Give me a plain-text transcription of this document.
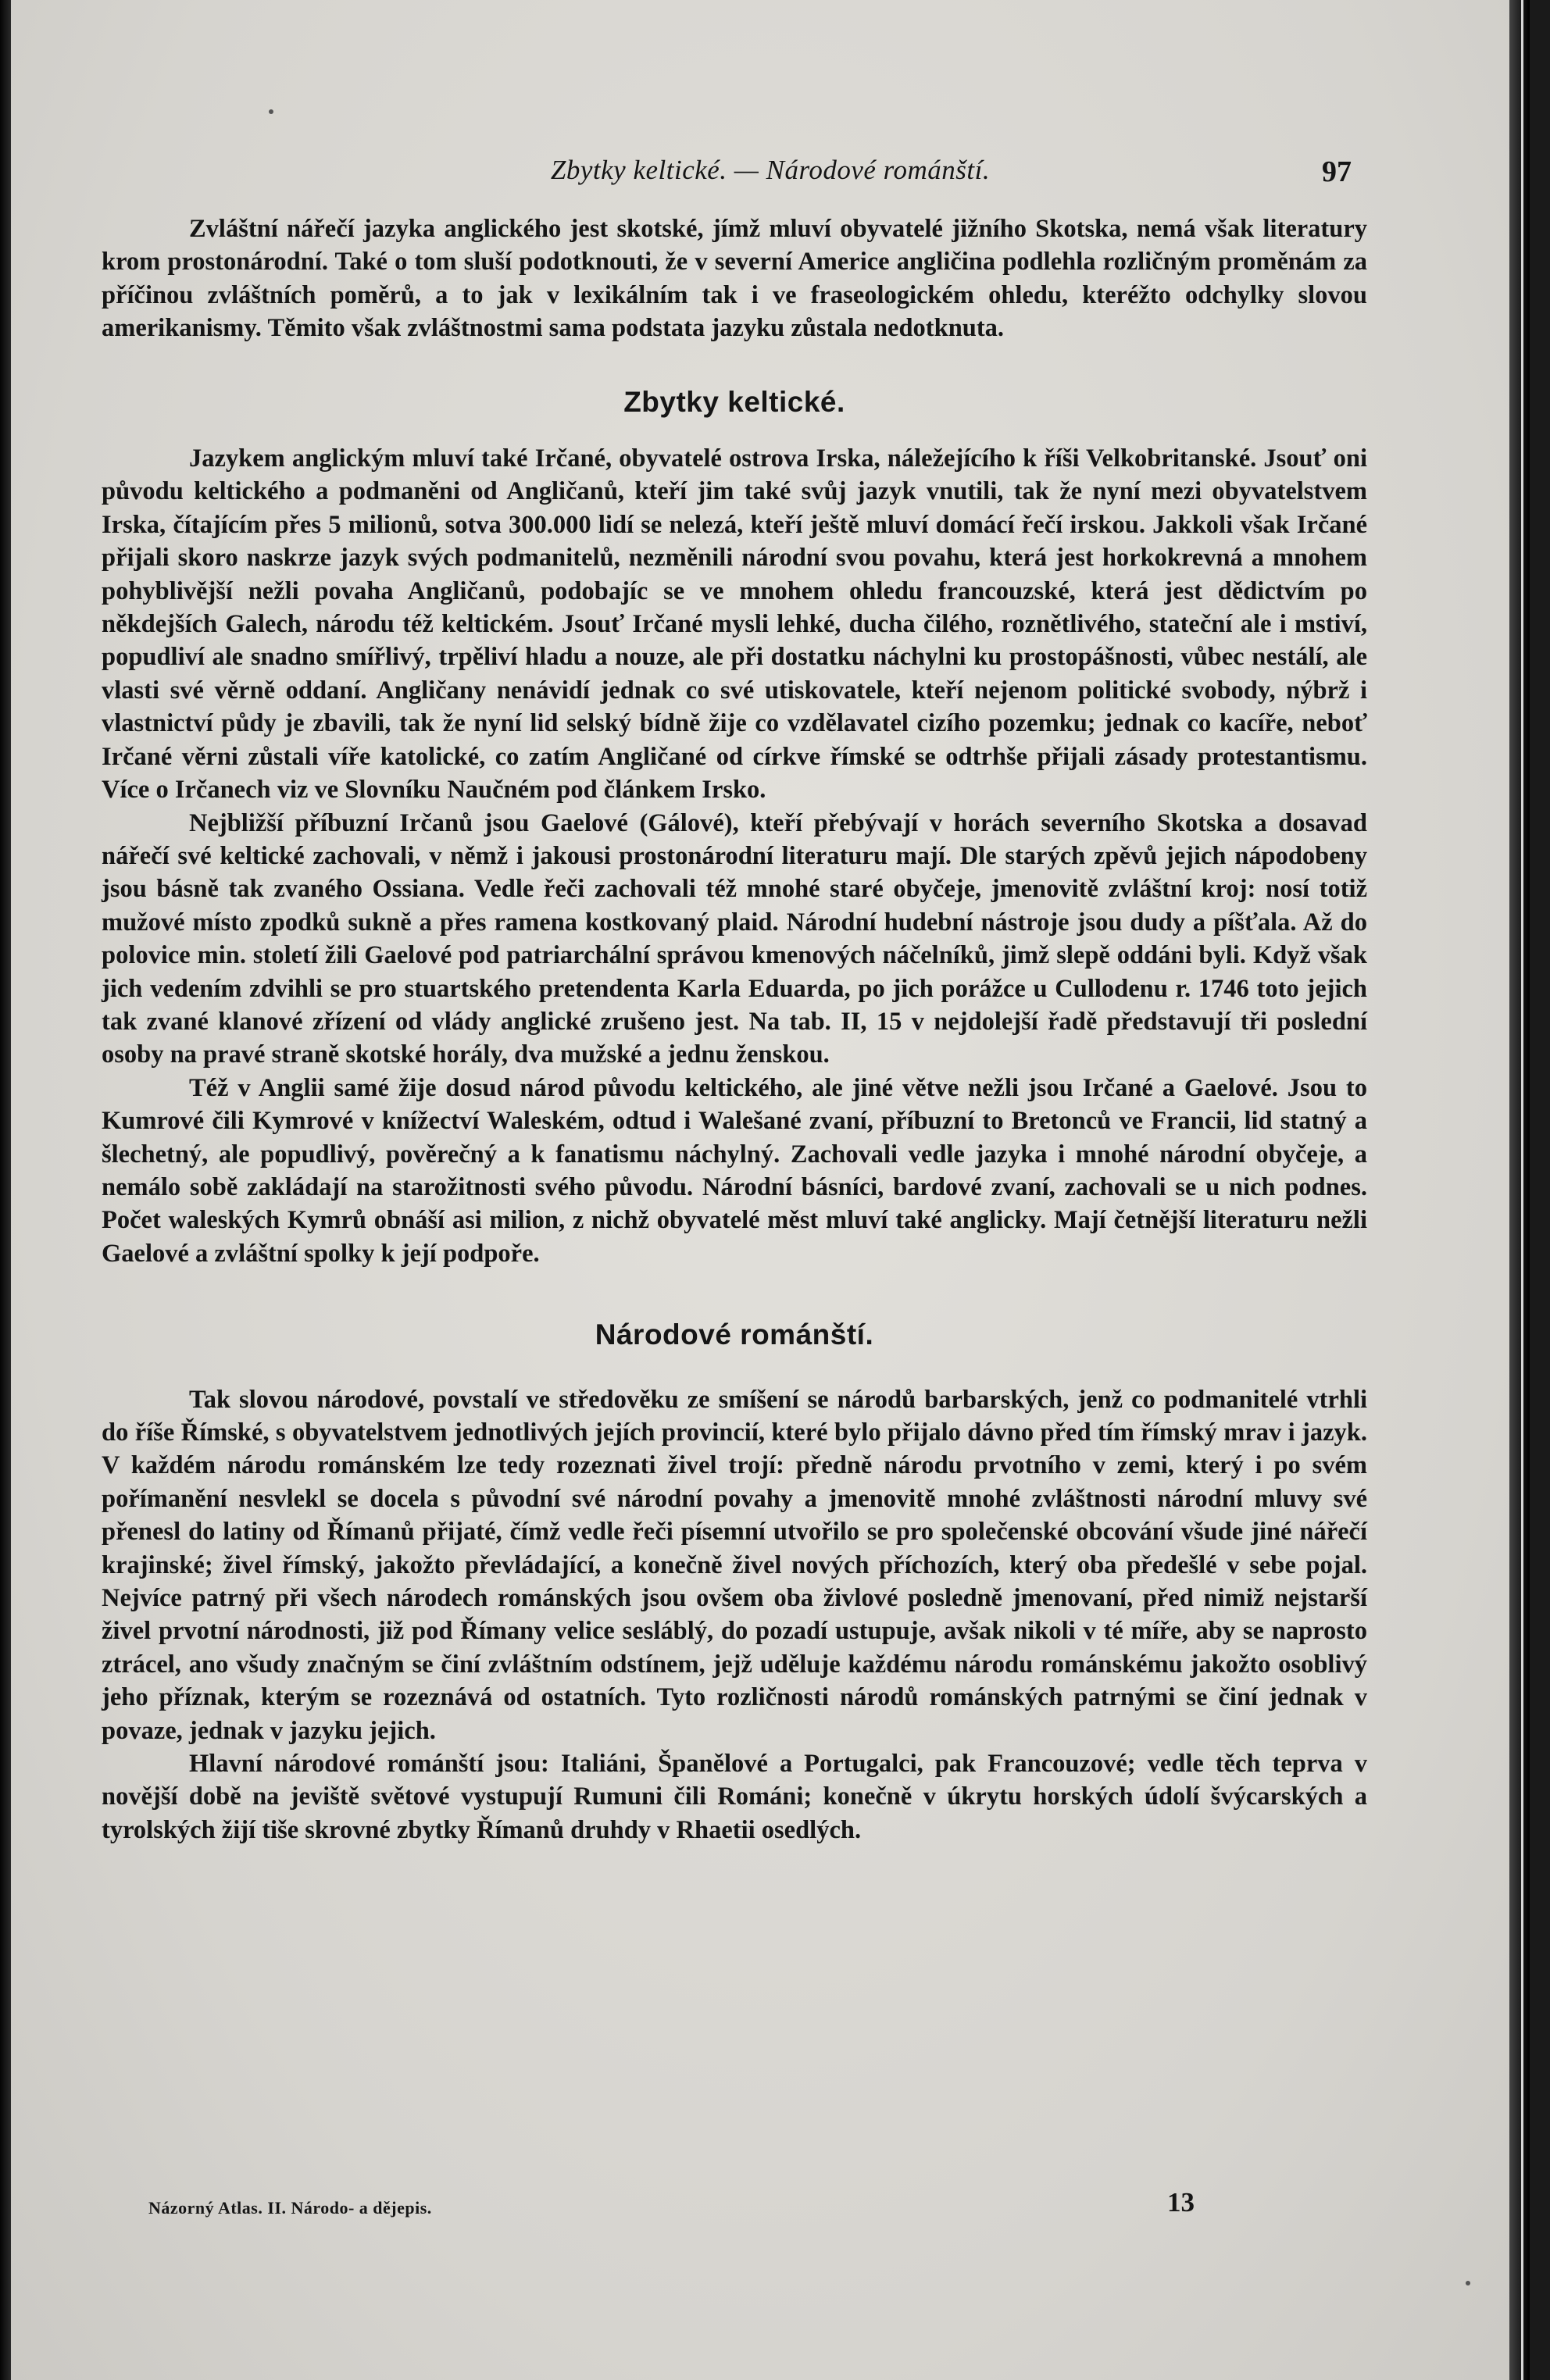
Zbytky keltické. — Národové románští.	97

Zvláštní nářečí jazyka anglického jest skotské, jímž mluví obyvatelé jižního Skotska, nemá však literatury krom prostonárodní. Také o tom sluší podotknouti, že v severní Americe angličina podlehla rozličným proměnám za příčinou zvláštních poměrů, a to jak v lexikálním tak i ve fraseologickém ohledu, kteréžto odchylky slovou amerikanismy. Těmito však zvláštnostmi sama podstata jazyku zůstala nedotknuta.

Zbytky keltické.

Jazykem anglickým mluví také Irčané, obyvatelé ostrova Irska, náležejícího k říši Velkobritanské. Jsouť oni původu keltického a podmaněni od Angličanů, kteří jim také svůj jazyk vnutili, tak že nyní mezi obyvatelstvem Irska, čítajícím přes 5 milionů, sotva 300.000 lidí se nelezá, kteří ještě mluví domácí řečí irskou. Jakkoli však Irčané přijali skoro naskrze jazyk svých podmanitelů, nezměnili národní svou povahu, která jest horkokrevná a mnohem pohyblivější nežli povaha Angličanů, podobajíc se ve mnohem ohledu francouzské, která jest dědictvím po někdejších Galech, národu též keltickém. Jsouť Irčané mysli lehké, ducha čilého, roznětlivého, stateční ale i mstiví, popudliví ale snadno smířlivý, trpěliví hladu a nouze, ale při dostatku náchylni ku prostopášnosti, vůbec nestálí, ale vlasti své věrně oddaní. Angličany nenávidí jednak co své utiskovatele, kteří nejenom politické svobody, nýbrž i vlastnictví půdy je zbavili, tak že nyní lid selský bídně žije co vzdělavatel cizího pozemku; jednak co kacíře, neboť Irčané věrni zůstali víře katolické, co zatím Angličané od církve římské se odtrhše přijali zásady protestantismu. Více o Irčanech viz ve Slovníku Naučném pod článkem Irsko.

Nejbližší příbuzní Irčanů jsou Gaelové (Gálové), kteří přebývají v horách severního Skotska a dosavad nářečí své keltické zachovali, v němž i jakousi prostonárodní literaturu mají. Dle starých zpěvů jejich nápodobeny jsou básně tak zvaného Ossiana. Vedle řeči zachovali též mnohé staré obyčeje, jmenovitě zvláštní kroj: nosí totiž mužové místo zpodků sukně a přes ramena kostkovaný plaid. Národní hudební nástroje jsou dudy a píšťala. Až do polovice min. století žili Gaelové pod patriarchální správou kmenových náčelníků, jimž slepě oddáni byli. Když však jich vedením zdvihli se pro stuartského pretendenta Karla Eduarda, po jich porážce u Cullodenu r. 1746 toto jejich tak zvané klanové zřízení od vlády anglické zrušeno jest. Na tab. II, 15 v nejdolejší řadě představují tři poslední osoby na pravé straně skotské horály, dva mužské a jednu ženskou.

Též v Anglii samé žije dosud národ původu keltického, ale jiné větve nežli jsou Irčané a Gaelové. Jsou to Kumrové čili Kymrové v knížectví Waleském, odtud i Walešané zvaní, příbuzní to Bretonců ve Francii, lid statný a šlechetný, ale popudlivý, pověrečný a k fanatismu náchylný. Zachovali vedle jazyka i mnohé národní obyčeje, a nemálo sobě zakládají na starožitnosti svého původu. Národní básníci, bardové zvaní, zachovali se u nich podnes. Počet waleských Kymrů obnáší asi milion, z nichž obyvatelé měst mluví také anglicky. Mají četnější literaturu nežli Gaelové a zvláštní spolky k její podpoře.

Národové románští.

Tak slovou národové, povstalí ve středověku ze smíšení se národů barbarských, jenž co podmanitelé vtrhli do říše Římské, s obyvatelstvem jednotlivých jejích provincií, které bylo přijalo dávno před tím římský mrav i jazyk. V každém národu románském lze tedy rozeznati živel trojí: předně národu prvotního v zemi, který i po svém pořímanění nesvlekl se docela s původní své národní povahy a jmenovitě mnohé zvláštnosti národní mluvy své přenesl do latiny od Římanů přijaté, čímž vedle řeči písemní utvořilo se pro společenské obcování všude jiné nářečí krajinské; živel římský, jakožto převládající, a konečně živel nových příchozích, který oba předešlé v sebe pojal. Nejvíce patrný při všech národech románských jsou ovšem oba živlové posledně jmenovaní, před nimiž nejstarší živel prvotní národnosti, již pod Římany velice sesláblý, do pozadí ustupuje, avšak nikoli v té míře, aby se naprosto ztrácel, ano všudy značným se činí zvláštním odstínem, jejž uděluje každému národu románskému jakožto osoblivý jeho příznak, kterým se rozeznává od ostatních. Tyto rozličnosti národů románských patrnými se činí jednak v povaze, jednak v jazyku jejich.

Hlavní národové románští jsou: Italiáni, Španělové a Portugalci, pak Francouzové; vedle těch teprva v novější době na jeviště světové vystupují Rumuni čili Románi; konečně v úkrytu horských údolí švýcarských a tyrolských žijí tiše skrovné zbytky Římanů druhdy v Rhaetii osedlých.

Názorný Atlas. II. Národo- a dějepis.	13
